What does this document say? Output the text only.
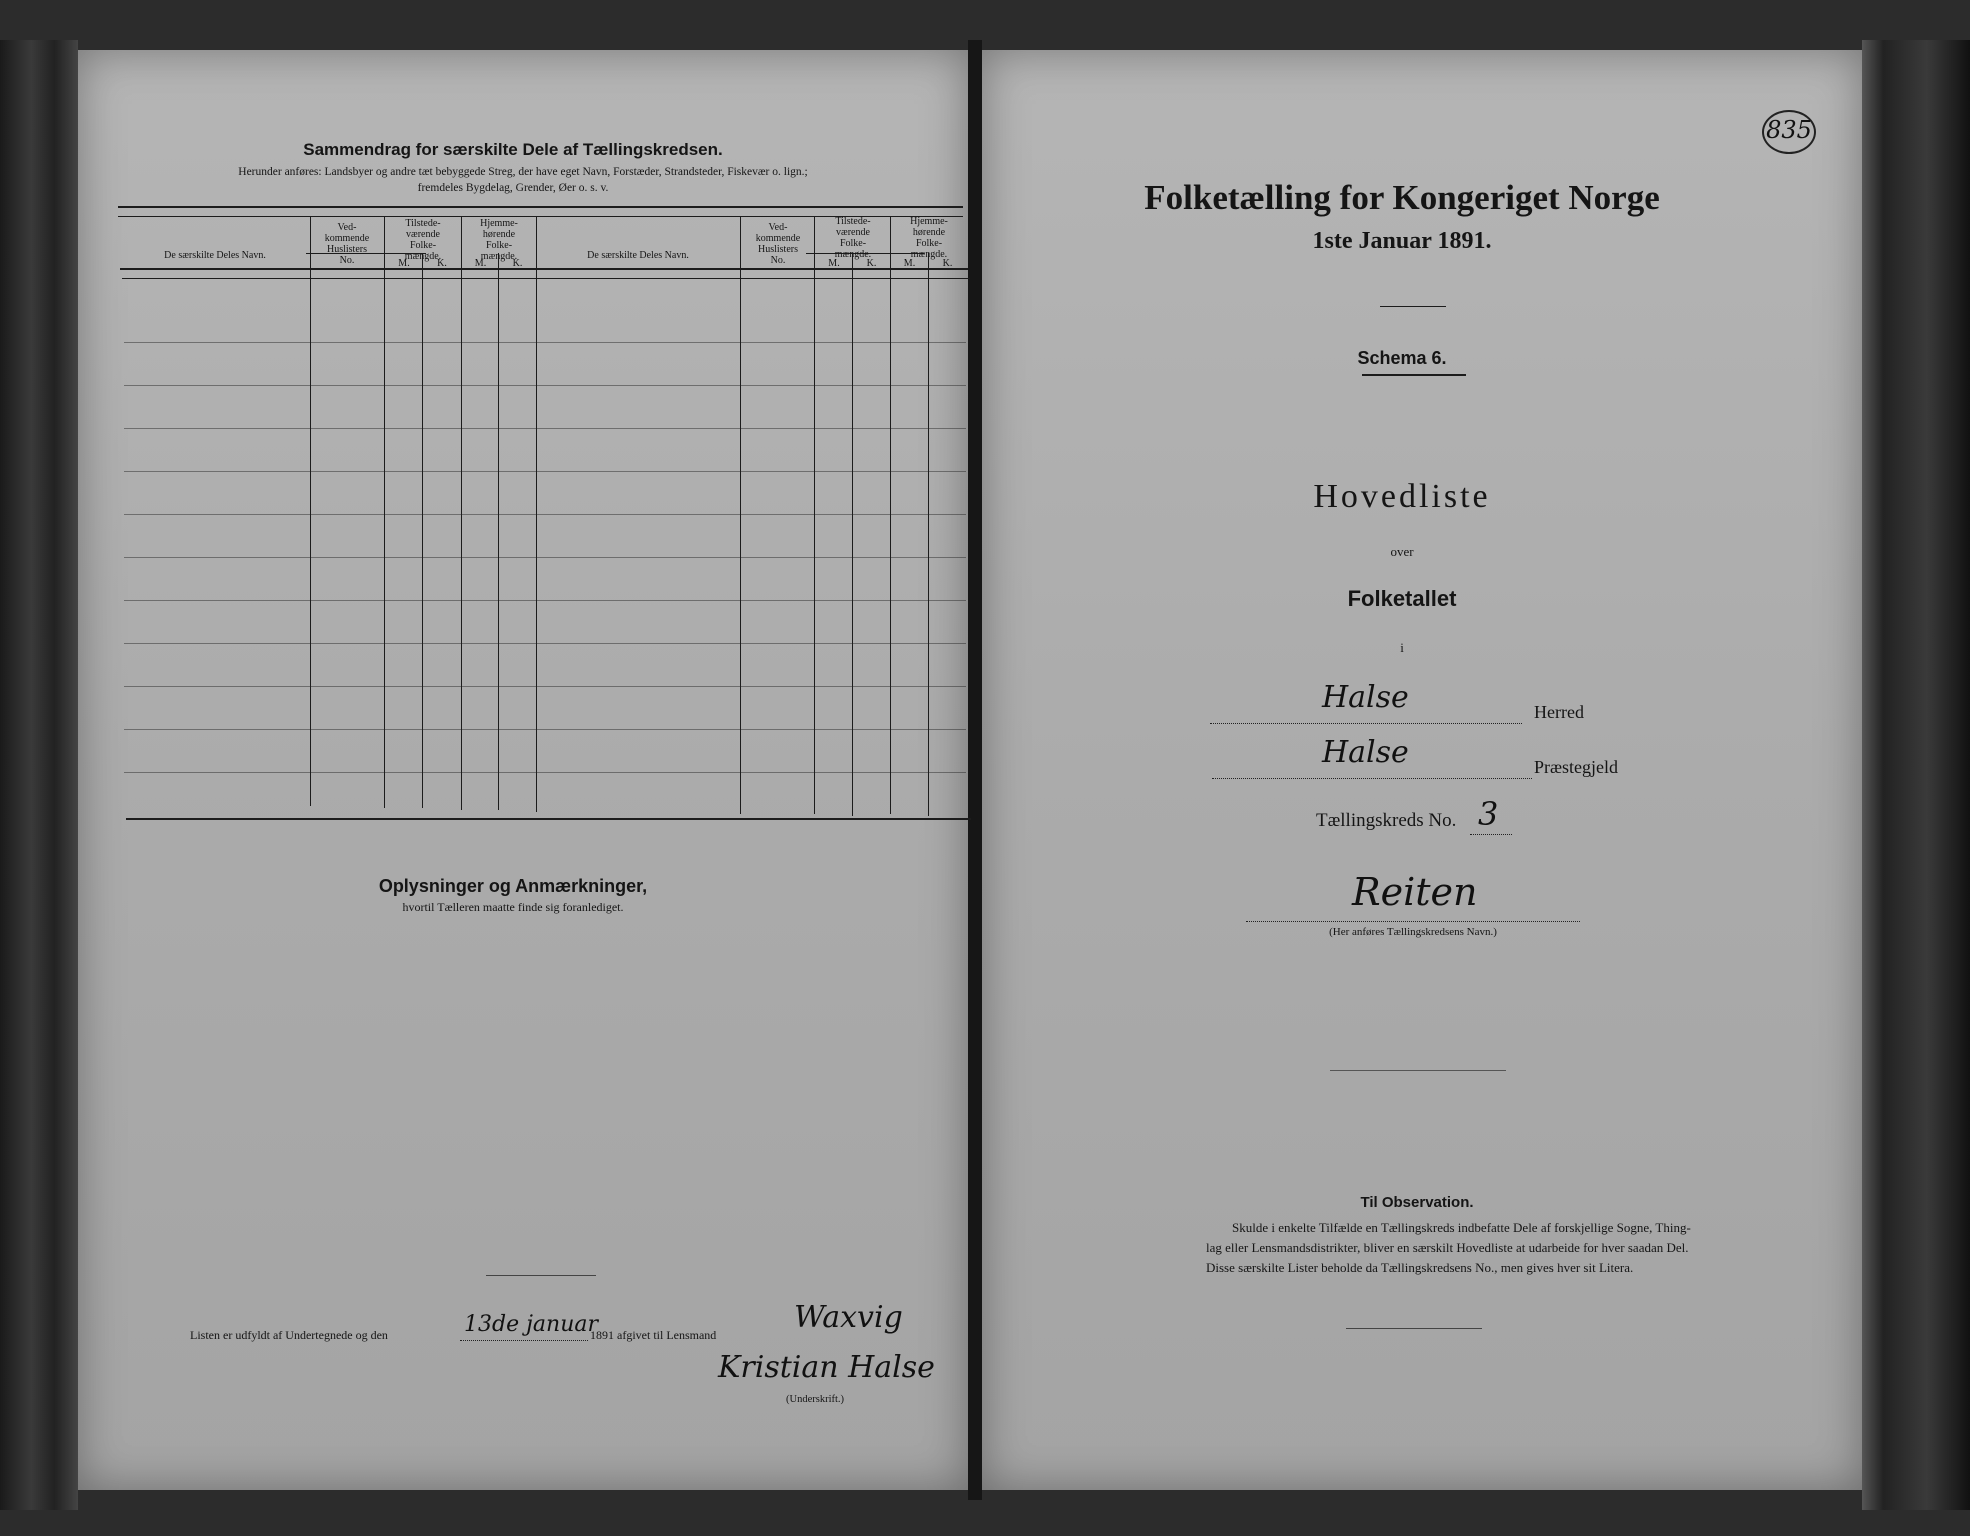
Sammendrag for særskilte Dele af Tællingskredsen.
Herunder anføres: Landsbyer og andre tæt bebyggede Streg, der have eget Navn, Forstæder, Strandsteder, Fiskevær o. lign.;
fremdeles Bygdelag, Grender, Øer o. s. v.
De særskilte Deles Navn.
Ved-
kommende
Huslisters
No.
Tilstede-
værende
Folke-
mængde.
Hjemme-
hørende
Folke-
mængde.
M.	K.	M.	K.
De særskilte Deles Navn.
Ved-
kommende
Huslisters
No.
Tilstede-
værende
Folke-
mængde.
Hjemme-
hørende
Folke-
mængde.
M.	K.	M.	K.
Oplysninger og Anmærkninger,
hvortil Tælleren maatte finde sig foranlediget.
Listen er udfyldt af Undertegnede og den	13de januar
1891 afgivet til Lensmand	Waxvig
Kristian Halse
(Underskrift.)
835
Folketælling for Kongeriget Norge
1ste Januar 1891.
Schema 6.
Hovedliste
over
Folketallet
i
Halse	Herred
Halse	Præstegjeld
Tællingskreds No. 3
Reiten
(Her anføres Tællingskredsens Navn.)
Til Observation.
Skulde i enkelte Tilfælde en Tællingskreds indbefatte Dele af forskjellige Sogne, Thing-
lag eller Lensmandsdistrikter, bliver en særskilt Hovedliste at udarbeide for hver saadan Del.
Disse særskilte Lister beholde da Tællingskredsens No., men gives hver sit Litera.
